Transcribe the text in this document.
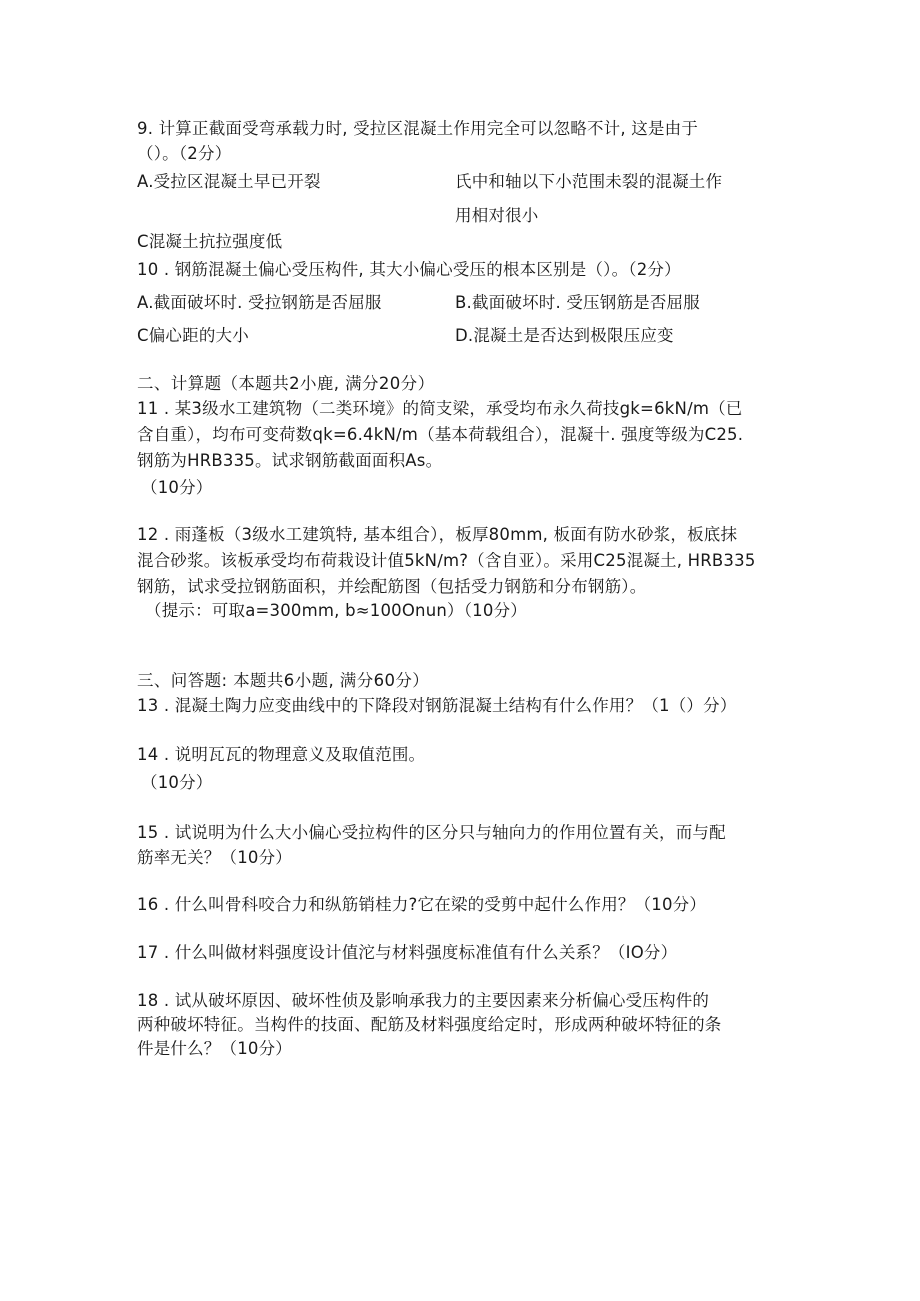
9. 计算正截面受弯承载力时, 受拉区混凝土作用完全可以忽略不计, 这是由于
（）。（2分）
A.受拉区混凝土早已开裂	氏中和轴以下小范围未裂的混凝土作
用相对很小
C混凝土抗拉强度低
10 . 钢筋混凝土偏心受压构件, 其大小偏心受压的根本区别是（）。（2分）
A.截面破坏时. 受拉钢筋是否屈服	B.截面破坏时. 受压钢筋是否屈服
C偏心距的大小	D.混凝土是否达到极限压应变
二、计算题（本题共2小鹿, 满分20分）
11 . 某3级水工建筑物（二类环境》的简支梁，承受均布永久荷技gk=6kN∕m（已
含自重），均布可变荷数qk=6.4kN∕m（基本荷载组合），混凝十. 强度等级为C25.
钢筋为HRB335。试求钢筋截面面积As。
（10分）
12 . 雨蓬板（3级水工建筑特, 基本组合），板厚80mm, 板面有防水砂浆，板底抹
混合砂浆。该板承受均布荷栽设计值5kN∕m?（含自亚）。采用C25混凝土, HRB335
钢筋，试求受拉钢筋面积，并绘配筋图（包括受力钢筋和分布钢筋）。
（提示：可取a=300mm, b≈100Onun）（10分）
三、问答题: 本题共6小题, 满分60分）
13 . 混凝土陶力应变曲线中的下降段对钢筋混凝土结构有什么作用？（1（）分）
14 . 说明瓦瓦的物理意义及取值范围。
（10分）
15 . 试说明为什么大小偏心受拉构件的区分只与轴向力的作用位置有关，而与配
筋率无关？（10分）
16 . 什么叫骨科咬合力和纵筋销桂力?它在梁的受剪中起什么作用？（10分）
17 . 什么叫做材料强度设计值沱与材料强度标准值有什么关系？（IO分）
18 . 试从破坏原因、破坏性侦及影响承我力的主要因素来分析偏心受压构件的
两种破坏特征。当构件的技面、配筋及材料强度给定时，形成两种破坏特征的条
件是什么？（10分）
